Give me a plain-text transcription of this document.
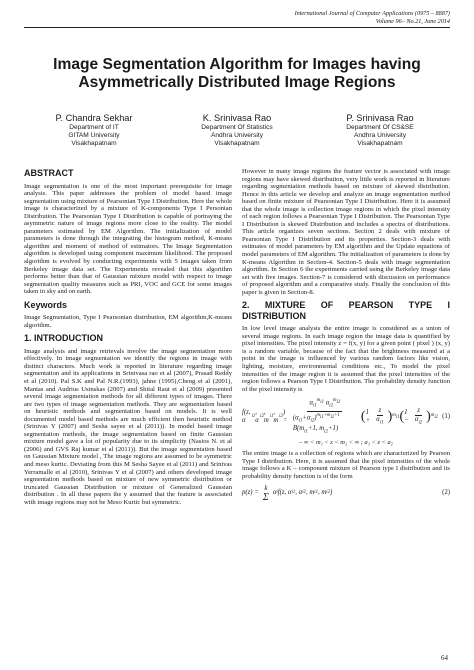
International Journal of Computer Applications (0975 – 8887)
Volume 96– No.21, June 2014
Image Segmentation Algorithm for Images having
Asymmetrically Distributed Image Regions
P. Chandra Sekhar
Department of IT
GITAM University
Visakhapatnam
K. Srinivasa Rao
Department Of Statistics
Andhra University
Visakhapatnam
P. Srinivasa Rao
Department Of CS&SE
Andhra University
Visakhapatnam
ABSTRACT
Image segmentation is one of the most important prerequisite for image analysis. This paper addresses the problem of model based image segmentation using mixture of Pearsonian Type I Distribution. Here the whole image is characterized by a mixture of K-components Type I Personian Distribution. The Pearsonian Type I Distribution is capable of portraying the asymmetric nature of image regions more close to the reality. The model parameters estimated by EM Algorithm. The initialization of model parameters is done through the integrating the histogram method, K-means algorithm and moment of method of estimators. The Image Segmentation algorithm is developed using component maximum likelihood. The proposed algorithm is evolved by conducting experiments with 5 images taken from Berkeley image data set. The Experiments revealed that this algorithm performs better than that of Gaussian mixture model with respect to image segmentation quality measures such as PRI, VOC and GCE for some images taken in sky and on earth.
Keywords
Image Segmentation, Type I Pearsonian distribution, EM algorithm,K-means algorithm.
1. INTRODUCTION
Image analysis and image retrievals involve the image segmentation more effectively. In image segmentation we identify the regions in image with distinct characters. Much work is reported in literature regarding image segmentation and its applications in Srinivasa rao et al (2007), Prasad Reddy et al (2010). Pal S.K and Pal N.R.(1993), jahne (1995),Cheng et al (2001), Mantas and Audrius Usinskas (2007) and Shital Raut et al (2009) presented several image segmentation methods for all different types of images. There are two types of image segmentation methods. They are segmentation based on heuristic methods and segmentation based on models. It is well documented model based methods are much efficient then heuristic method (Srinivas Y (2007) and Sesha sayee et al (2011)). In model based image segmentation methods, the image segmentation based on finite Gaussian mixture model gave a lot of popularity due to its simplicity (Nasios N. et al (2006) and GVS Raj kumar et al (2011)). But the image segmentation based on Gaussian Mixture model , The image regions are assumed to be symmetric and meso kurtic. Deviating from this M Sesha Sayee et al (2011) and Srinivas Yerramalle et al (2010), Srinivas Y et al (2007) and others developed image segmentation methods based on mixture of new symmetric distribution or truncated Gaussian Distribution or mixture of Generalized Gaussian distribution . In all these papers the y assumed that the feature is associated with image regions may not be Meso Kurtic but symmetric.
However in many image regions the feature vector is associated with image regions may have skewed distribution, very little work is reported in literature regarding segmentation methods based on mixture of skewed distribution. Hence in this article we develop and analyze an image segmentation method based on finite mixture of Pearsonian Type I Distribution. Here it is assumed that the whole image is collection image regions in which the pixel intensity of each region follows a Pearsonian Type I Distribution. The Pearsonian Type I Distribution is skewed Distribution and includes a spectra of distributions. This article organizes seven sections. Section 2 deals with mixture of Pearsonian Type I Distribution and its properties. Section-3 deals with estimates of model parameters by EM algorithm and the Update equations of model parameters of EM algorithm. The initialization of parameters is done by K-means Algorithm in Section-4. Section-5 deals with image segmentation algorithm. In Section 6 the experiments carried using the Berkeley image data set with five images. Section-7 is considered with discussion on performance of proposed algorithm and a comparative study. Finally the conclusion of this paper is given in Section-8.
2. MIXTURE OF PEARSON TYPE I DISTRIBUTION
In low level image analysis the entire image is considered as a union of several image regions. In each image region the image data is quantified by pixel intensities. The pixel intensity z = f(x, y) for a given point ( pixel ) (x, y) is a random variable, because of the fact that the brightness measured at a point in the image is influenced by various random factors like vision, lighting, moisture, environmental conditions etc., To model the pixel intensities of the image region it is assumed that the pixel intensities of the region follows a Pearson Type I Distribution. The probability density function of the pixel intensity is
f(z, α
i1
, α
i2
, m
i1
, m
i2
) = $\frac{\alpha_{i1}^{m_{i1}} \alpha_{i2}^{m_{i2}}}{(\alpha_{i1}+\alpha_{i2})^{m_{i1}+m_{i2}+1} B(m_{i1}+1, m_{i2}+1)}$ ( $1 + \frac{z}{\alpha_{i1}}$ ) $m_{i1}$ ( $1 - \frac{z}{\alpha_{i2}}$ ) $m_{i2}$ (1)
– ∞ < m₁ < z < m₂ < ∞ ; a₁ < z < a₂
The entire image is a collection of regions which are characterized by Pearson Type I distribution. Here, it is assumed that the pixel intensities of the whole image follows a K – component mixture of Pearson type I distribution and its probability density function is of the form
p(z) =
k
Σ α i f(z, α i1 , α i2 , m i1 , m i2 )	(2)
64
